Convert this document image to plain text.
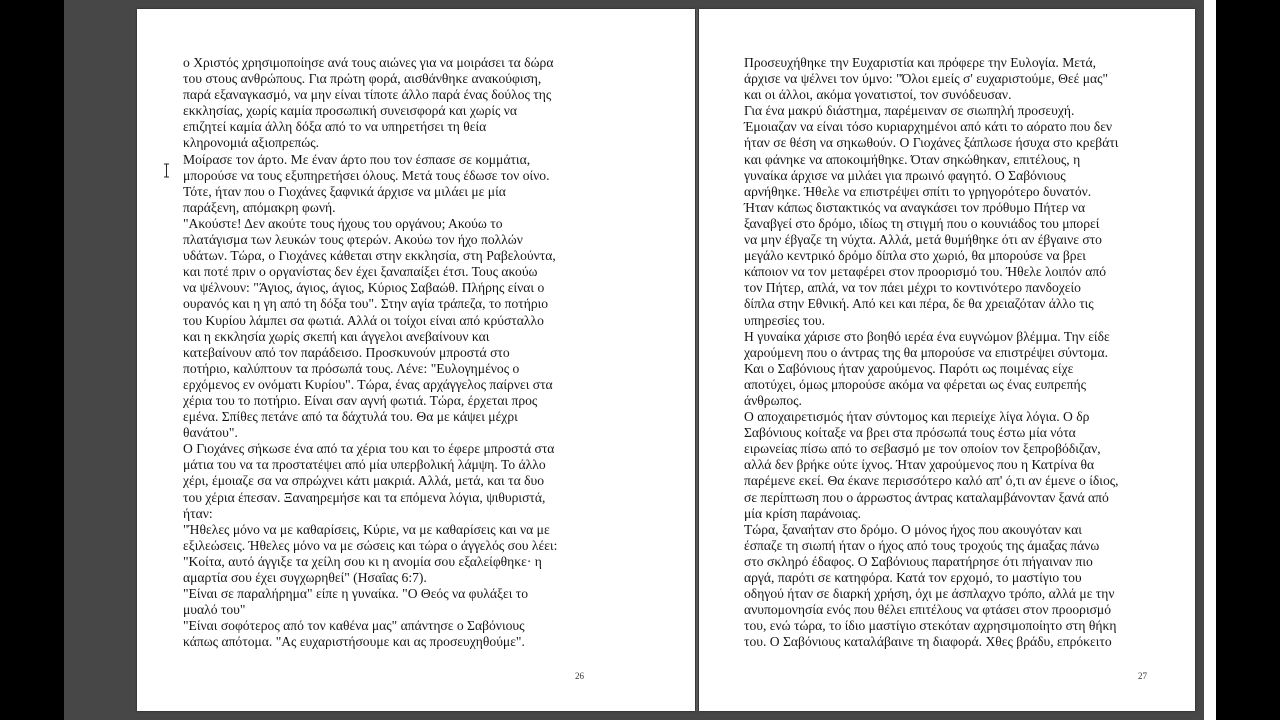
ο Χριστός χρησιμοποίησε ανά τους αιώνες για να μοιράσει τα δώρα
του στους ανθρώπους. Για πρώτη φορά, αισθάνθηκε ανακούφιση,
παρά εξαναγκασμό, να μην είναι τίποτε άλλο παρά ένας δούλος της
εκκλησίας, χωρίς καμία προσωπική συνεισφορά και χωρίς να
επιζητεί καμία άλλη δόξα από το να υπηρετήσει τη θεία
κληρονομιά αξιοπρεπώς.
Μοίρασε τον άρτο. Με έναν άρτο που τον έσπασε σε κομμάτια,
μπορούσε να τους εξυπηρετήσει όλους. Μετά τους έδωσε τον οίνο.
Τότε, ήταν που ο Γιοχάνες ξαφνικά άρχισε να μιλάει με μία
παράξενη, απόμακρη φωνή.
"Ακούστε! Δεν ακούτε τους ήχους του οργάνου; Ακούω το
πλατάγισμα των λευκών τους φτερών. Ακούω τον ήχο πολλών
υδάτων. Τώρα, ο Γιοχάνες κάθεται στην εκκλησία, στη Ραβελούντα,
και ποτέ πριν ο οργανίστας δεν έχει ξαναπαίξει έτσι. Τους ακούω
να ψέλνουν: "Άγιος, άγιος, άγιος, Κύριος Σαβαώθ. Πλήρης είναι ο
ουρανός και η γη από τη δόξα του". Στην αγία τράπεζα, το ποτήριο
του Κυρίου λάμπει σα φωτιά. Αλλά οι τοίχοι είναι από κρύσταλλο
και η εκκλησία χωρίς σκεπή και άγγελοι ανεβαίνουν και
κατεβαίνουν από τον παράδεισο. Προσκυνούν μπροστά στο
ποτήριο, καλύπτουν τα πρόσωπά τους. Λένε: "Ευλογημένος ο
ερχόμενος εν ονόματι Κυρίου". Τώρα, ένας αρχάγγελος παίρνει στα
χέρια του το ποτήριο. Είναι σαν αγνή φωτιά. Τώρα, έρχεται προς
εμένα. Σπίθες πετάνε από τα δάχτυλά του. Θα με κάψει μέχρι
θανάτου".
Ο Γιοχάνες σήκωσε ένα από τα χέρια του και το έφερε μπροστά στα
μάτια του να τα προστατέψει από μία υπερβολική λάμψη. Το άλλο
χέρι, έμοιαζε σα να σπρώχνει κάτι μακριά. Αλλά, μετά, και τα δυο
του χέρια έπεσαν. Ξαναηρεμήσε και τα επόμενα λόγια, ψιθυριστά,
ήταν:
"Ήθελες μόνο να με καθαρίσεις, Κύριε, να με καθαρίσεις και να με
εξιλεώσεις. Ήθελες μόνο να με σώσεις και τώρα ο άγγελός σου λέει:
"Κοίτα, αυτό άγγιξε τα χείλη σου κι η ανομία σου εξαλείφθηκε· η
αμαρτία σου έχει συγχωρηθεί" (Ησαΐας 6:7).
"Είναι σε παραλήρημα" είπε η γυναίκα. "Ο Θεός να φυλάξει το
μυαλό του"
"Είναι σοφότερος από τον καθένα μας" απάντησε ο Σαβόνιους
κάπως απότομα. "Ας ευχαριστήσουμε και ας προσευχηθούμε".
26
Προσευχήθηκε την Ευχαριστία και πρόφερε την Ευλογία. Μετά,
άρχισε να ψέλνει τον ύμνο: "Όλοι εμείς σ' ευχαριστούμε, Θεέ μας"
και οι άλλοι, ακόμα γονατιστοί, τον συνόδευσαν.
Για ένα μακρύ διάστημα, παρέμειναν σε σιωπηλή προσευχή.
Έμοιαζαν να είναι τόσο κυριαρχημένοι από κάτι το αόρατο που δεν
ήταν σε θέση να σηκωθούν. Ο Γιοχάνες ξάπλωσε ήσυχα στο κρεβάτι
και φάνηκε να αποκοιμήθηκε. Όταν σηκώθηκαν, επιτέλους, η
γυναίκα άρχισε να μιλάει για πρωινό φαγητό. Ο Σαβόνιους
αρνήθηκε. Ήθελε να επιστρέψει σπίτι το γρηγορότερο δυνατόν.
Ήταν κάπως διστακτικός να αναγκάσει τον πρόθυμο Πήτερ να
ξαναβγεί στο δρόμο, ιδίως τη στιγμή που ο κουνιάδος του μπορεί
να μην έβγαζε τη νύχτα. Αλλά, μετά θυμήθηκε ότι αν έβγαινε στο
μεγάλο κεντρικό δρόμο δίπλα στο χωριό, θα μπορούσε να βρει
κάποιον να τον μεταφέρει στον προορισμό του. Ήθελε λοιπόν από
τον Πήτερ, απλά, να τον πάει μέχρι το κοντινότερο πανδοχείο
δίπλα στην Εθνική. Από κει και πέρα, δε θα χρειαζόταν άλλο τις
υπηρεσίες του.
Η γυναίκα χάρισε στο βοηθό ιερέα ένα ευγνώμον βλέμμα. Την είδε
χαρούμενη που ο άντρας της θα μπορούσε να επιστρέψει σύντομα.
Και ο Σαβόνιους ήταν χαρούμενος. Παρότι ως ποιμένας είχε
αποτύχει, όμως μπορούσε ακόμα να φέρεται ως ένας ευπρεπής
άνθρωπος.
Ο αποχαιρετισμός ήταν σύντομος και περιείχε λίγα λόγια. Ο δρ
Σαβόνιους κοίταξε να βρει στα πρόσωπά τους έστω μία νότα
ειρωνείας πίσω από το σεβασμό με τον οποίον τον ξεπροβόδιζαν,
αλλά δεν βρήκε ούτε ίχνος. Ήταν χαρούμενος που η Κατρίνα θα
παρέμενε εκεί. Θα έκανε περισσότερο καλό απ' ό,τι αν έμενε ο ίδιος,
σε περίπτωση που ο άρρωστος άντρας καταλαμβάνονταν ξανά από
μία κρίση παράνοιας.
Τώρα, ξαναήταν στο δρόμο. Ο μόνος ήχος που ακουγόταν και
έσπαζε τη σιωπή ήταν ο ήχος από τους τροχούς της άμαξας πάνω
στο σκληρό έδαφος. Ο Σαβόνιους παρατήρησε ότι πήγαιναν πιο
αργά, παρότι σε κατηφόρα. Κατά τον ερχομό, το μαστίγιο του
οδηγού ήταν σε διαρκή χρήση, όχι με άσπλαχνο τρόπο, αλλά με την
ανυπομονησία ενός που θέλει επιτέλους να φτάσει στον προορισμό
του, ενώ τώρα, το ίδιο μαστίγιο στεκόταν αχρησιμοποίητο στη θήκη
του. Ο Σαβόνιους καταλάβαινε τη διαφορά. Χθες βράδυ, επρόκειτο
27
